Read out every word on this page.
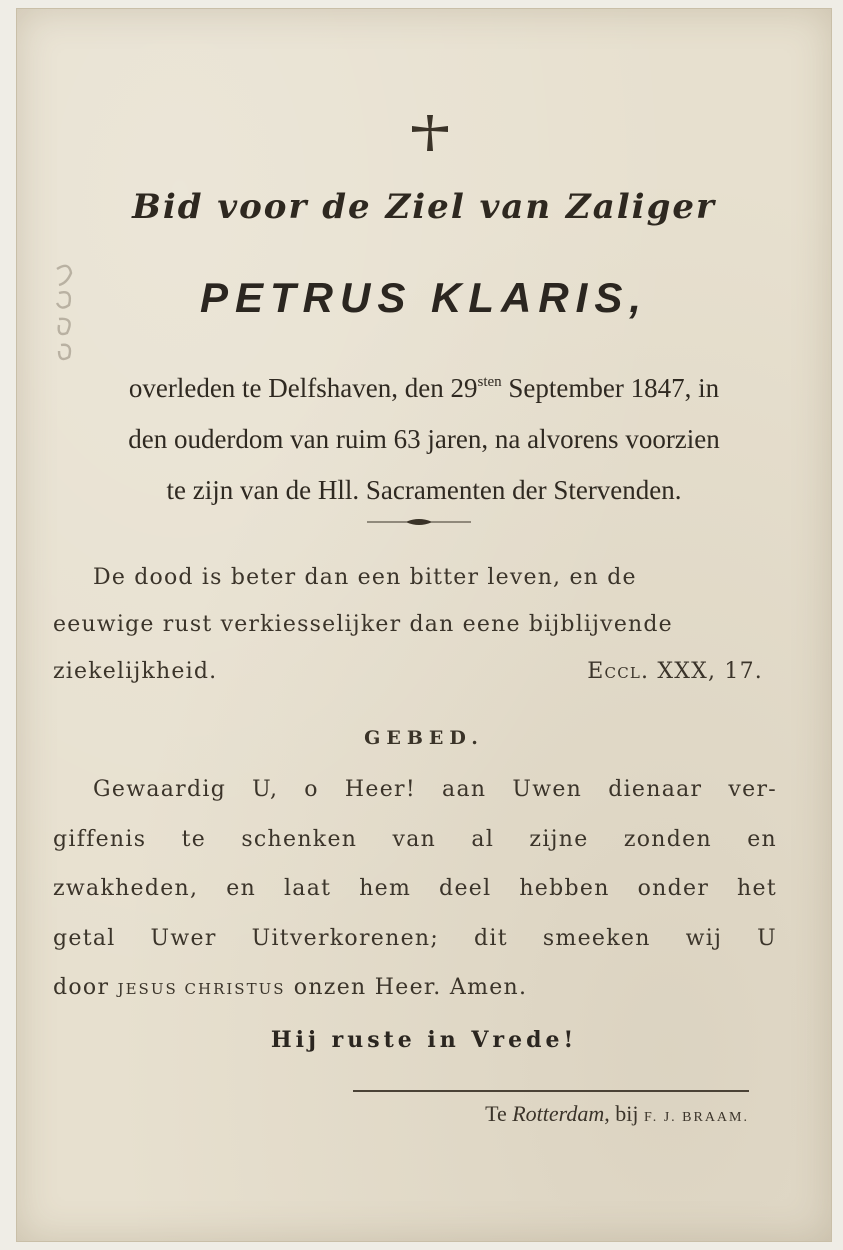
Bid voor de Ziel van Zaliger
PETRUS KLARIS,
overleden te Delfshaven, den $29^{sten}$ September 1847, in
den ouderdom van ruim 63 jaren, na alvorens voorzien
te zijn van de Hll. Sacramenten der Stervenden.
De dood is beter dan een bitter leven, en de
eeuwige rust verkiesselijker dan eene bijblijvende
ziekelijkheid.	Eccl. XXX, 17.
GEBED.
Gewaardig U, o Heer! aan Uwen dienaar ver-
giffenis te schenken van al zijne zonden en
zwakheden, en laat hem deel hebben onder het
getal Uwer Uitverkorenen; dit smeeken wij U
door JESUS CHRISTUS onzen Heer. Amen.
Hij ruste in Vrede!
Te Rotterdam, bij F. J. BRAAM.
